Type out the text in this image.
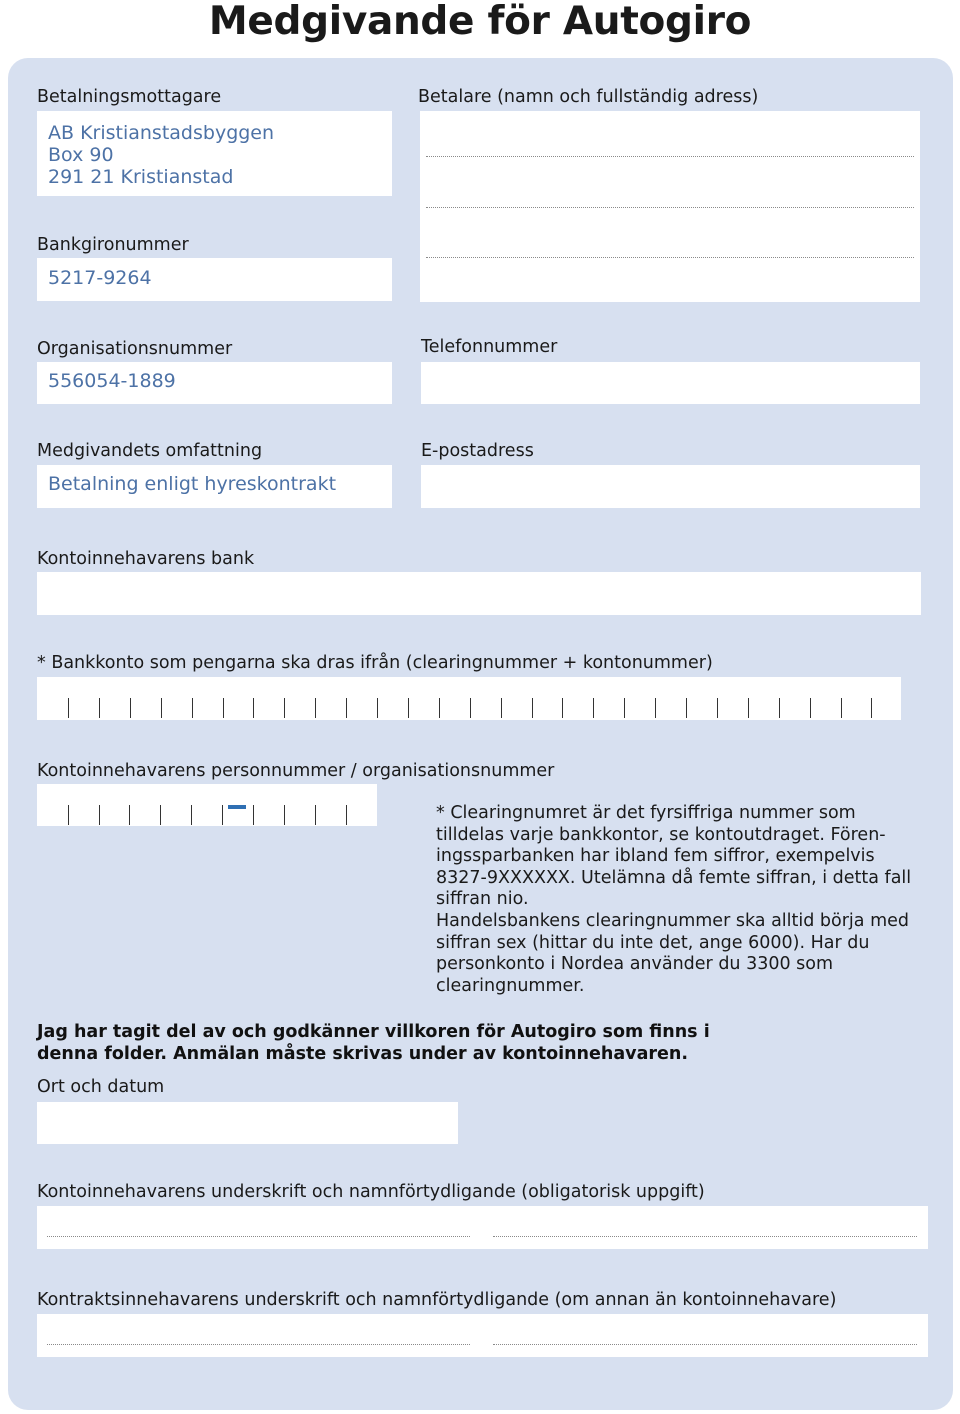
Medgivande för Autogiro
Betalningsmottagare
AB Kristianstadsbyggen
Box 90
291 21 Kristianstad
Betalare (namn och fullständig adress)
Bankgironummer
5217-9264
Organisationsnummer
556054-1889
Telefonnummer
Medgivandets omfattning
Betalning enligt hyreskontrakt
E-postadress
Kontoinnehavarens bank
* Bankkonto som pengarna ska dras ifrån (clearingnummer + kontonummer)
Kontoinnehavarens personnummer / organisationsnummer

* Clearingnumret är det fyrsiffriga nummer som tilldelas varje bankkontor, se kontoutdraget. Fören-ingssparbanken har ibland fem siffror, exempelvis 8327-9XXXXXX. Utelämna då femte siffran, i detta fall siffran nio.

Handelsbankens clearingnummer ska alltid börja med siffran sex (hittar du inte det, ange 6000). Har du personkonto i Nordea använder du 3300 som clearingnummer.

Jag har tagit del av och godkänner villkoren för Autogiro som finns i denna folder. Anmälan måste skrivas under av kontoinnehavaren.
Ort och datum
Kontoinnehavarens underskrift och namnförtydligande (obligatorisk uppgift)
Kontraktsinnehavarens underskrift och namnförtydligande (om annan än kontoinnehavare)
